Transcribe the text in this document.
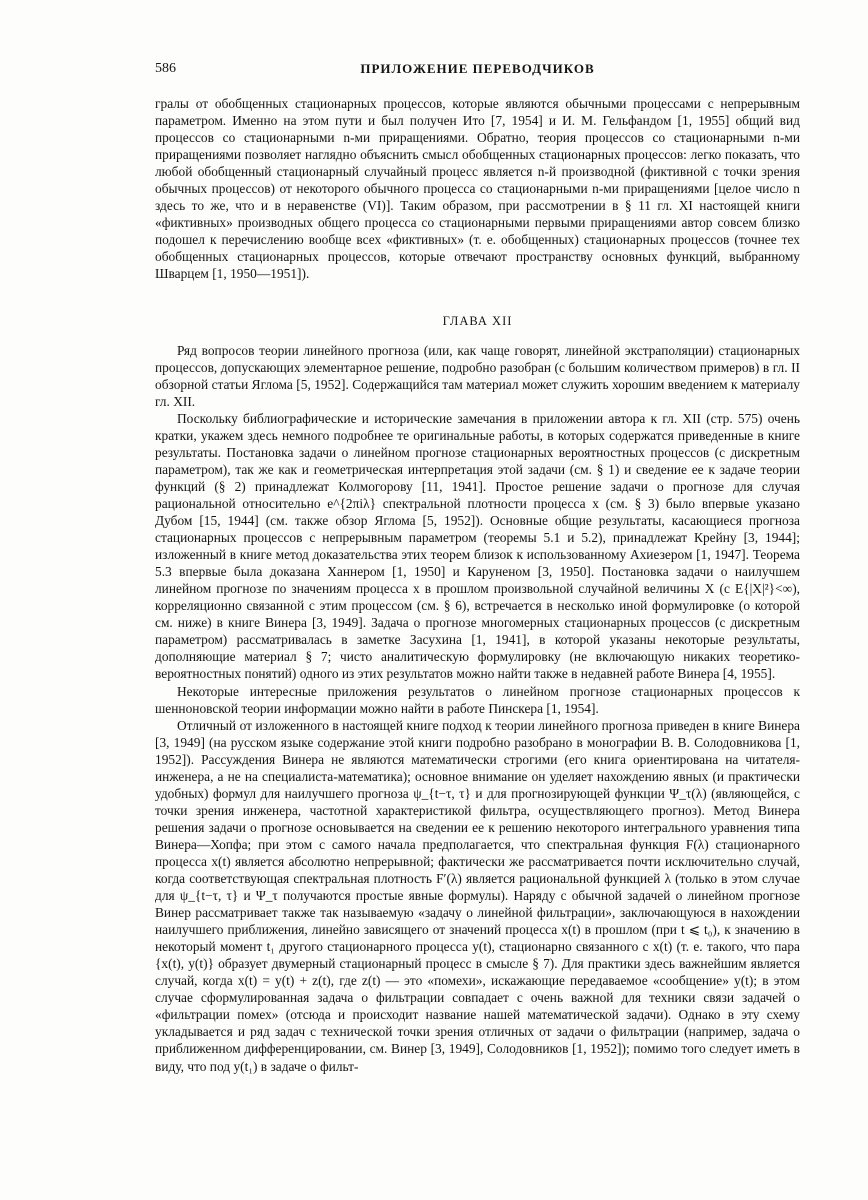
586	ПРИЛОЖЕНИЕ ПЕРЕВОДЧИКОВ

гралы от обобщенных стационарных процессов, которые являются обычными процессами с непрерывным параметром. Именно на этом пути и был получен Ито [7, 1954] и И. М. Гельфандом [1, 1955] общий вид процессов со стационарными n-ми приращениями. Обратно, теория процессов со стационарными n-ми приращениями позволяет наглядно объяснить смысл обобщенных стационарных процессов: легко показать, что любой обобщенный стационарный случайный процесс является n-й производной (фиктивной с точки зрения обычных процессов) от некоторого обычного процесса со стационарными n-ми приращениями [целое число n здесь то же, что и в неравенстве (VI)]. Таким образом, при рассмотрении в § 11 гл. XI настоящей книги «фиктивных» производных общего процесса со стационарными первыми приращениями автор совсем близко подошел к перечислению вообще всех «фиктивных» (т. е. обобщенных) стационарных процессов (точнее тех обобщенных стационарных процессов, которые отвечают пространству основных функций, выбранному Шварцем [1, 1950—1951]).

ГЛАВА XII

Ряд вопросов теории линейного прогноза (или, как чаще говорят, линейной экстраполяции) стационарных процессов, допускающих элементарное решение, подробно разобран (с большим количеством примеров) в гл. II обзорной статьи Яглома [5, 1952]. Содержащийся там материал может служить хорошим введением к материалу гл. XII.

Поскольку библиографические и исторические замечания в приложении автора к гл. XII (стр. 575) очень кратки, укажем здесь немного подробнее те оригинальные работы, в которых содержатся приведенные в книге результаты. Постановка задачи о линейном прогнозе стационарных вероятностных процессов (с дискретным параметром), так же как и геометрическая интерпретация этой задачи (см. § 1) и сведение ее к задаче теории функций (§ 2) принадлежат Колмогорову [11, 1941]. Простое решение задачи о прогнозе для случая рациональной относительно e^{2πiλ} спектральной плотности процесса x (см. § 3) было впервые указано Дубом [15, 1944] (см. также обзор Яглома [5, 1952]). Основные общие результаты, касающиеся прогноза стационарных процессов с непрерывным параметром (теоремы 5.1 и 5.2), принадлежат Крейну [3, 1944]; изложенный в книге метод доказательства этих теорем близок к использованному Ахиезером [1, 1947]. Теорема 5.3 впервые была доказана Ханнером [1, 1950] и Каруненом [3, 1950]. Постановка задачи о наилучшем линейном прогнозе по значениям процесса x в прошлом произвольной случайной величины X (с E{|X|²}<∞), корреляционно связанной с этим процессом (см. § 6), встречается в несколько иной формулировке (о которой см. ниже) в книге Винера [3, 1949]. Задача о прогнозе многомерных стационарных процессов (с дискретным параметром) рассматривалась в заметке Засухина [1, 1941], в которой указаны некоторые результаты, дополняющие материал § 7; чисто аналитическую формулировку (не включающую никаких теоретико-вероятностных понятий) одного из этих результатов можно найти также в недавней работе Винера [4, 1955].

Некоторые интересные приложения результатов о линейном прогнозе стационарных процессов к шенноновской теории информации можно найти в работе Пинскера [1, 1954].

Отличный от изложенного в настоящей книге подход к теории линейного прогноза приведен в книге Винера [3, 1949] (на русском языке содержание этой книги подробно разобрано в монографии В. В. Солодовникова [1, 1952]). Рассуждения Винера не являются математически строгими (его книга ориентирована на читателя-инженера, а не на специалиста-математика); основное внимание он уделяет нахождению явных (и практически удобных) формул для наилучшего прогноза ψ_{t−τ, τ} и для прогнозирующей функции Ψ_τ(λ) (являющейся, с точки зрения инженера, частотной характеристикой фильтра, осуществляющего прогноз). Метод Винера решения задачи о прогнозе основывается на сведении ее к решению некоторого интегрального уравнения типа Винера—Хопфа; при этом с самого начала предполагается, что спектральная функция F(λ) стационарного процесса x(t) является абсолютно непрерывной; фактически же рассматривается почти исключительно случай, когда соответствующая спектральная плотность F′(λ) является рациональной функцией λ (только в этом случае для ψ_{t−τ, τ} и Ψ_τ получаются простые явные формулы). Наряду с обычной задачей о линейном прогнозе Винер рассматривает также так называемую «задачу о линейной фильтрации», заключающуюся в нахождении наилучшего приближения, линейно зависящего от значений процесса x(t) в прошлом (при t ⩽ t₀), к значению в некоторый момент t₁ другого стационарного процесса y(t), стационарно связанного с x(t) (т. е. такого, что пара {x(t), y(t)} образует двумерный стационарный процесс в смысле § 7). Для практики здесь важнейшим является случай, когда x(t) = y(t) + z(t), где z(t) — это «помехи», искажающие передаваемое «сообщение» y(t); в этом случае сформулированная задача о фильтрации совпадает с очень важной для техники связи задачей о «фильтрации помех» (отсюда и происходит название нашей математической задачи). Однако в эту схему укладывается и ряд задач с технической точки зрения отличных от задачи о фильтрации (например, задача о приближенном дифференцировании, см. Винер [3, 1949], Солодовников [1, 1952]); помимо того следует иметь в виду, что под y(t₁) в задаче о фильт-
